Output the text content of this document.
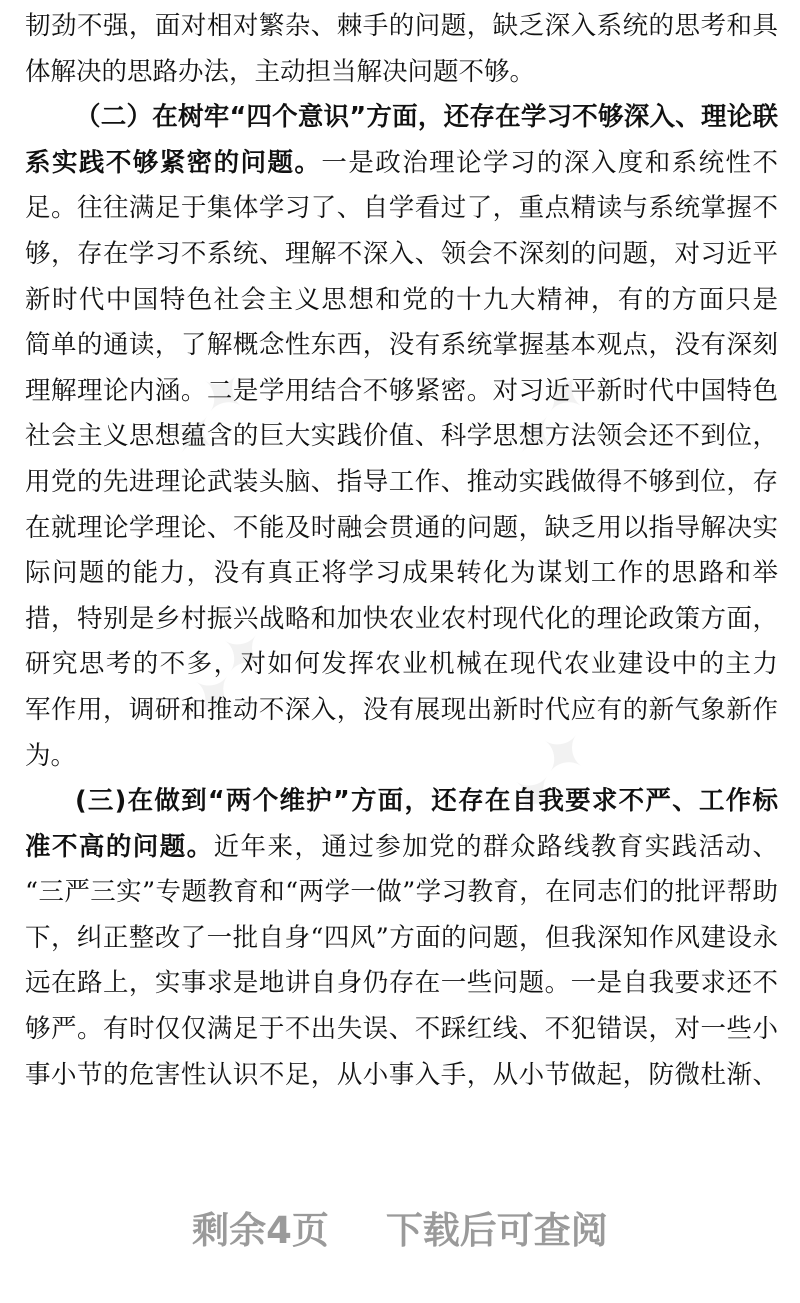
✦✦	✦✦
✦✦
✦✦
韧劲不强，面对相对繁杂、棘手的问题，缺乏深入系统的思考和具
体解决的思路办法，主动担当解决问题不够。
（二）在树牢“四个意识”方面，还存在学习不够深入、理论联
系实践不够紧密的问题。一是政治理论学习的深入度和系统性不
足。往往满足于集体学习了、自学看过了，重点精读与系统掌握不
够，存在学习不系统、理解不深入、领会不深刻的问题，对习近平
新时代中国特色社会主义思想和党的十九大精神，有的方面只是
简单的通读，了解概念性东西，没有系统掌握基本观点，没有深刻
理解理论内涵。二是学用结合不够紧密。对习近平新时代中国特色
社会主义思想蕴含的巨大实践价值、科学思想方法领会还不到位，
用党的先进理论武装头脑、指导工作、推动实践做得不够到位，存
在就理论学理论、不能及时融会贯通的问题，缺乏用以指导解决实
际问题的能力，没有真正将学习成果转化为谋划工作的思路和举
措，特别是乡村振兴战略和加快农业农村现代化的理论政策方面，
研究思考的不多，对如何发挥农业机械在现代农业建设中的主力
军作用，调研和推动不深入，没有展现出新时代应有的新气象新作
为。
(三)在做到“两个维护”方面，还存在自我要求不严、工作标
准不高的问题。近年来，通过参加党的群众路线教育实践活动、
“三严三实”专题教育和“两学一做”学习教育，在同志们的批评帮助
下，纠正整改了一批自身“四风”方面的问题，但我深知作风建设永
远在路上，实事求是地讲自身仍存在一些问题。一是自我要求还不
够严。有时仅仅满足于不出失误、不踩红线、不犯错误，对一些小
事小节的危害性认识不足，从小事入手，从小节做起，防微杜渐、
剩余4页 下载后可查阅
